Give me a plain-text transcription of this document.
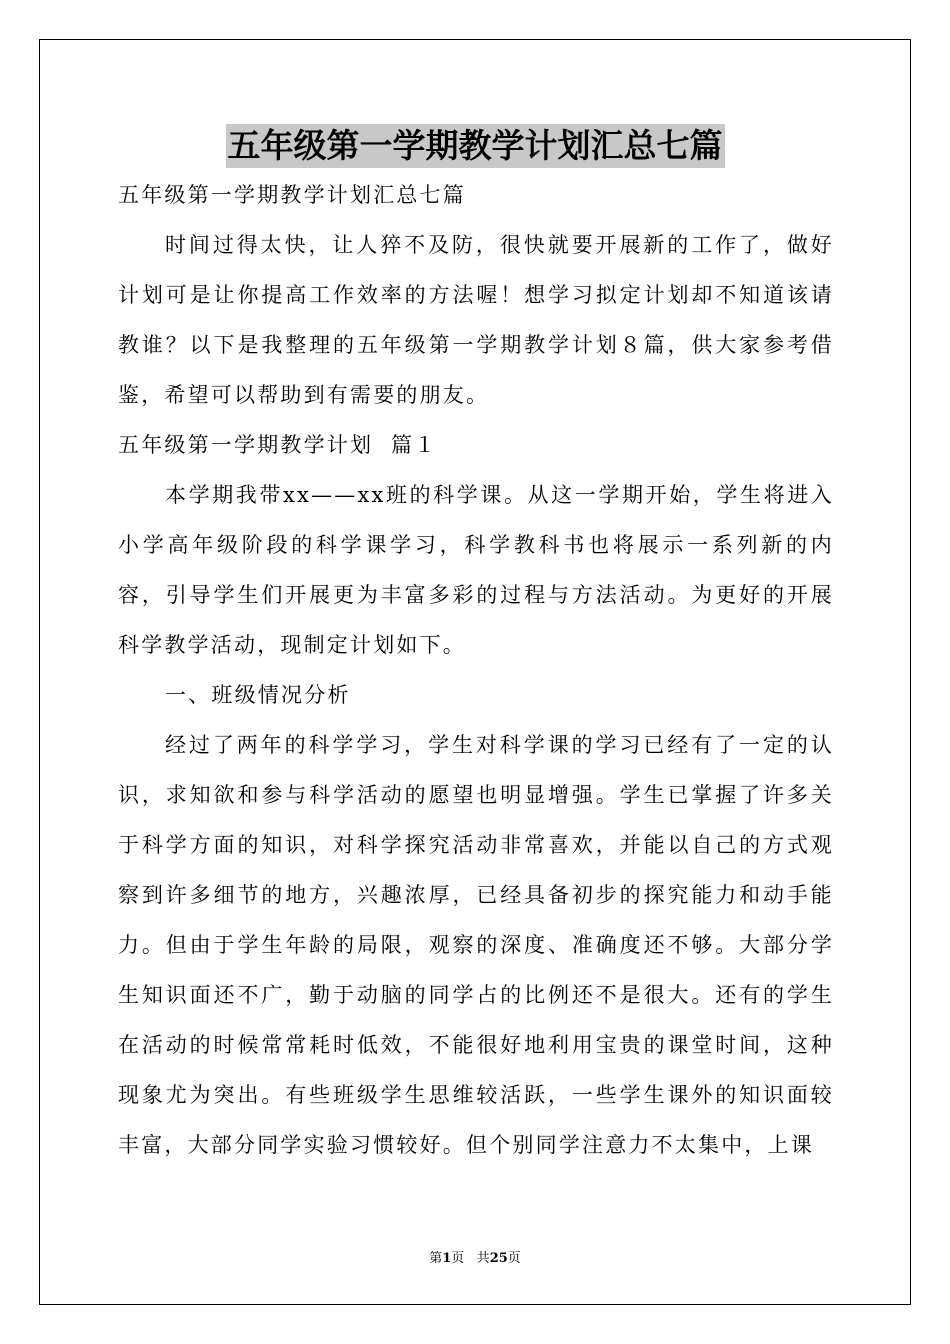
五年级第一学期教学计划汇总七篇

五年级第一学期教学计划汇总七篇

时间过得太快，让人猝不及防，很快就要开展新的工作了，做好计划可是让你提高工作效率的方法喔！想学习拟定计划却不知道该请教谁？以下是我整理的五年级第一学期教学计划８篇，供大家参考借鉴，希望可以帮助到有需要的朋友。

五年级第一学期教学计划  篇１

本学期我带xx——xx班的科学课。从这一学期开始，学生将进入小学高年级阶段的科学课学习，科学教科书也将展示一系列新的内容，引导学生们开展更为丰富多彩的过程与方法活动。为更好的开展科学教学活动，现制定计划如下。

一、班级情况分析

经过了两年的科学学习，学生对科学课的学习已经有了一定的认识，求知欲和参与科学活动的愿望也明显增强。学生已掌握了许多关于科学方面的知识，对科学探究活动非常喜欢，并能以自己的方式观察到许多细节的地方，兴趣浓厚，已经具备初步的探究能力和动手能力。但由于学生年龄的局限，观察的深度、准确度还不够。大部分学生知识面还不广，勤于动脑的同学占的比例还不是很大。还有的学生在活动的时候常常耗时低效，不能很好地利用宝贵的课堂时间，这种现象尤为突出。有些班级学生思维较活跃，一些学生课外的知识面较丰富，大部分同学实验习惯较好。但个别同学注意力不太集中，上课

第1页 共25页
